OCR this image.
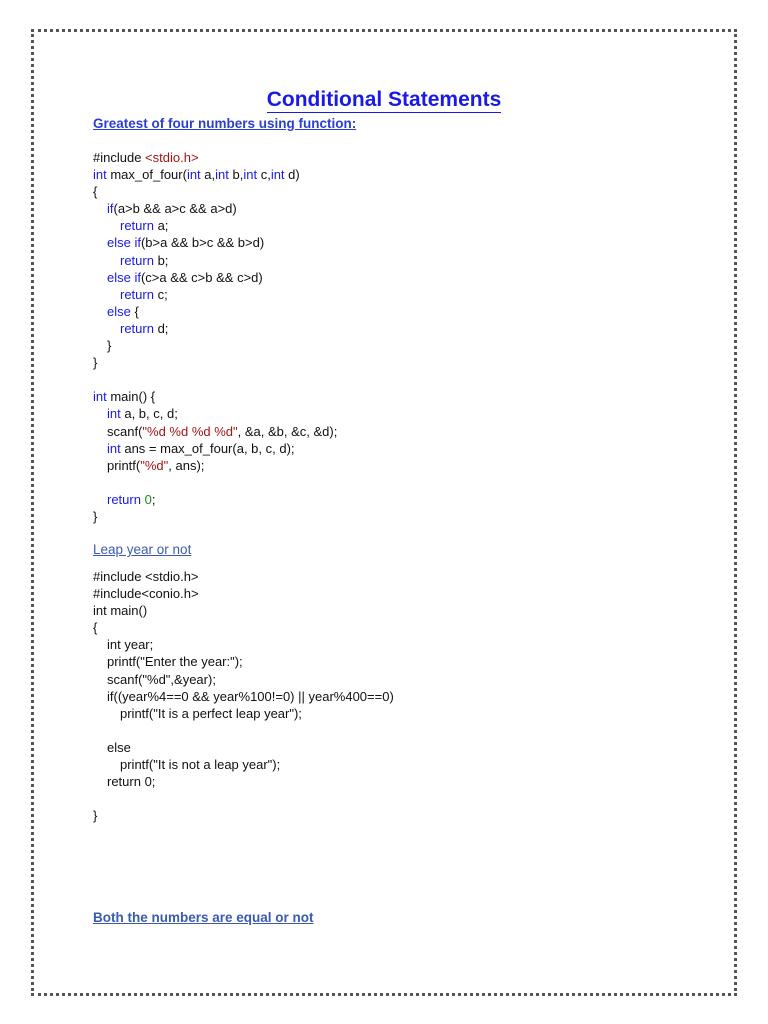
Conditional Statements
Greatest of four numbers using function:
#include <stdio.h>
int max_of_four(int a,int b,int c,int d)
{
if(a>b && a>c && a>d)
return a;
else if(b>a && b>c && b>d)
return b;
else if(c>a && c>b && c>d)
return c;
else {
return d;
}
}
int main() {
int a, b, c, d;
scanf("%d %d %d %d", &a, &b, &c, &d);
int ans = max_of_four(a, b, c, d);
printf("%d", ans);
return 0;
}
Leap year or not
#include <stdio.h>
#include<conio.h>
int main()
{
int year;
printf("Enter the year:");
scanf("%d",&year);
if((year%4==0 && year%100!=0) || year%400==0)
printf("It is a perfect leap year");
else
printf("It is not a leap year");
return 0;
}
Both the numbers are equal or not
